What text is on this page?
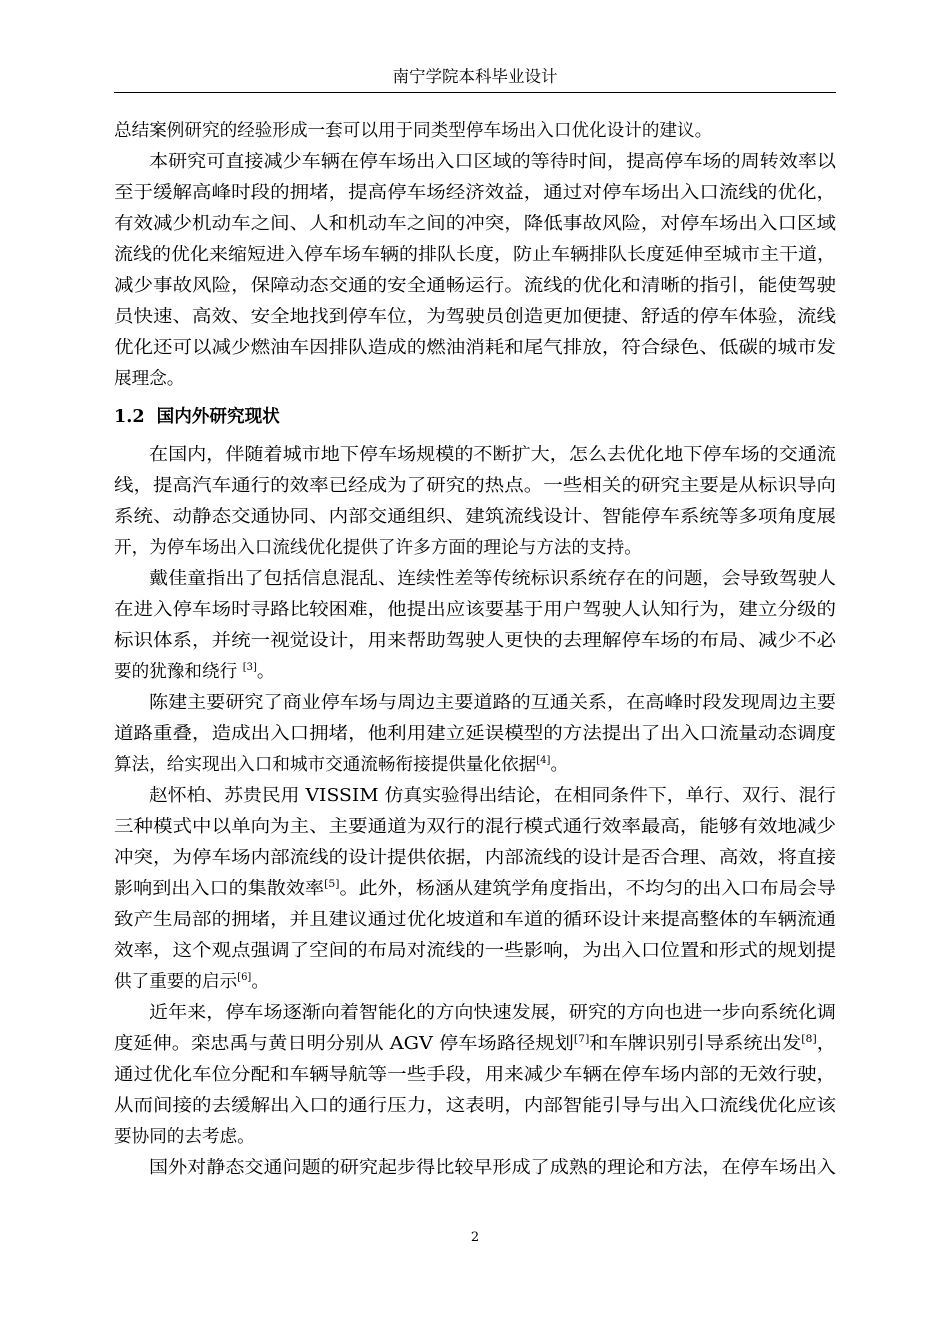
南宁学院本科毕业设计
总结案例研究的经验形成一套可以用于同类型停车场出入口优化设计的建议。
本研究可直接减少车辆在停车场出入口区域的等待时间，提高停车场的周转效率以
至于缓解高峰时段的拥堵，提高停车场经济效益，通过对停车场出入口流线的优化，
有效减少机动车之间、人和机动车之间的冲突，降低事故风险，对停车场出入口区域
流线的优化来缩短进入停车场车辆的排队长度，防止车辆排队长度延伸至城市主干道，
减少事故风险，保障动态交通的安全通畅运行。流线的优化和清晰的指引，能使驾驶
员快速、高效、安全地找到停车位，为驾驶员创造更加便捷、舒适的停车体验，流线
优化还可以减少燃油车因排队造成的燃油消耗和尾气排放，符合绿色、低碳的城市发
展理念。
1.2 国内外研究现状
在国内，伴随着城市地下停车场规模的不断扩大，怎么去优化地下停车场的交通流
线，提高汽车通行的效率已经成为了研究的热点。一些相关的研究主要是从标识导向
系统、动静态交通协同、内部交通组织、建筑流线设计、智能停车系统等多项角度展
开，为停车场出入口流线优化提供了许多方面的理论与方法的支持。
戴佳童指出了包括信息混乱、连续性差等传统标识系统存在的问题，会导致驾驶人
在进入停车场时寻路比较困难，他提出应该要基于用户驾驶人认知行为，建立分级的
标识体系，并统一视觉设计，用来帮助驾驶人更快的去理解停车场的布局、减少不必
要的犹豫和绕行 [3]。
陈建主要研究了商业停车场与周边主要道路的互通关系，在高峰时段发现周边主要
道路重叠，造成出入口拥堵，他利用建立延误模型的方法提出了出入口流量动态调度
算法，给实现出入口和城市交通流畅衔接提供量化依据[4]。
赵怀柏、苏贵民用 VISSIM 仿真实验得出结论，在相同条件下，单行、双行、混行
三种模式中以单向为主、主要通道为双行的混行模式通行效率最高，能够有效地减少
冲突，为停车场内部流线的设计提供依据，内部流线的设计是否合理、高效，将直接
影响到出入口的集散效率[5]。此外，杨涵从建筑学角度指出，不均匀的出入口布局会导
致产生局部的拥堵，并且建议通过优化坡道和车道的循环设计来提高整体的车辆流通
效率，这个观点强调了空间的布局对流线的一些影响，为出入口位置和形式的规划提
供了重要的启示[6]。
近年来，停车场逐渐向着智能化的方向快速发展，研究的方向也进一步向系统化调
度延伸。栾忠禹与黄日明分别从 AGV 停车场路径规划[7]和车牌识别引导系统出发[8]，
通过优化车位分配和车辆导航等一些手段，用来减少车辆在停车场内部的无效行驶，
从而间接的去缓解出入口的通行压力，这表明，内部智能引导与出入口流线优化应该
要协同的去考虑。
国外对静态交通问题的研究起步得比较早形成了成熟的理论和方法，在停车场出入
2
